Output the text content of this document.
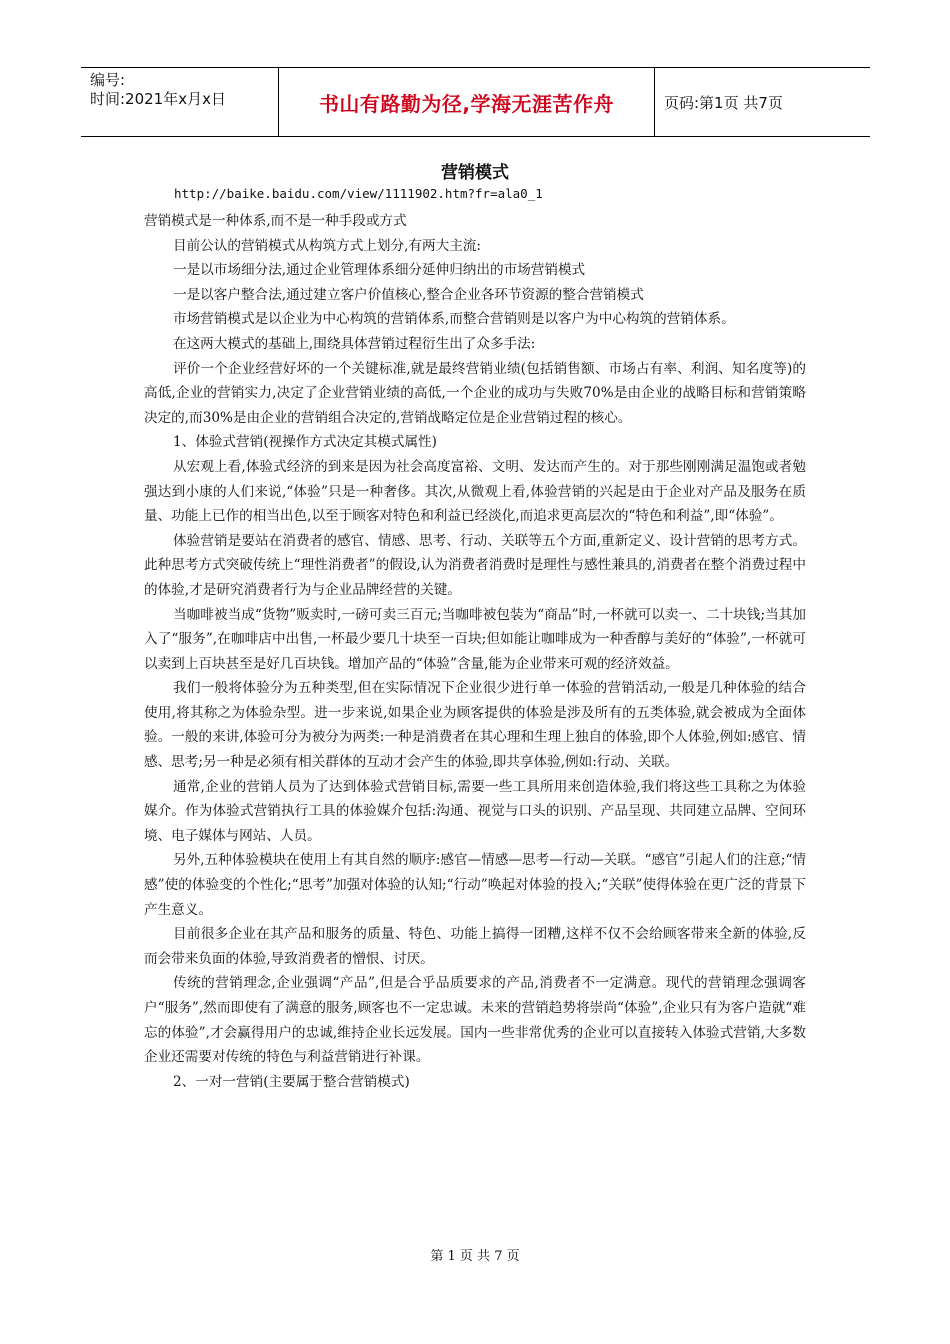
编号:
时间:2021年x月x日	书山有路勤为径,学海无涯苦作舟	页码:第1页 共7页
营销模式
http://baike.baidu.com/view/1111902.htm?fr=ala0_1

营销模式是一种体系,而不是一种手段或方式

目前公认的营销模式从构筑方式上划分,有两大主流:

一是以市场细分法,通过企业管理体系细分延伸归纳出的市场营销模式

一是以客户整合法,通过建立客户价值核心,整合企业各环节资源的整合营销模式

市场营销模式是以企业为中心构筑的营销体系,而整合营销则是以客户为中心构筑的营销体系。

在这两大模式的基础上,围绕具体营销过程衍生出了众多手法:

评价一个企业经营好坏的一个关键标准,就是最终营销业绩(包括销售额、市场占有率、利润、知名度等)的高低,企业的营销实力,决定了企业营销业绩的高低,一个企业的成功与失败70%是由企业的战略目标和营销策略决定的,而30%是由企业的营销组合决定的,营销战略定位是企业营销过程的核心。

1、体验式营销(视操作方式决定其模式属性)

从宏观上看,体验式经济的到来是因为社会高度富裕、文明、发达而产生的。对于那些刚刚满足温饱或者勉强达到小康的人们来说,“体验”只是一种奢侈。其次,从微观上看,体验营销的兴起是由于企业对产品及服务在质量、功能上已作的相当出色,以至于顾客对特色和利益已经淡化,而追求更高层次的“特色和利益”,即“体验”。

体验营销是要站在消费者的感官、情感、思考、行动、关联等五个方面,重新定义、设计营销的思考方式。此种思考方式突破传统上“理性消费者”的假设,认为消费者消费时是理性与感性兼具的,消费者在整个消费过程中的体验,才是研究消费者行为与企业品牌经营的关键。

当咖啡被当成“货物”贩卖时,一磅可卖三百元;当咖啡被包装为“商品”时,一杯就可以卖一、二十块钱;当其加入了“服务”,在咖啡店中出售,一杯最少要几十块至一百块;但如能让咖啡成为一种香醇与美好的“体验”,一杯就可以卖到上百块甚至是好几百块钱。增加产品的“体验”含量,能为企业带来可观的经济效益。

我们一般将体验分为五种类型,但在实际情况下企业很少进行单一体验的营销活动,一般是几种体验的结合使用,将其称之为体验杂型。进一步来说,如果企业为顾客提供的体验是涉及所有的五类体验,就会被成为全面体验。一般的来讲,体验可分为被分为两类:一种是消费者在其心理和生理上独自的体验,即个人体验,例如:感官、情感、思考;另一种是必须有相关群体的互动才会产生的体验,即共享体验,例如:行动、关联。

通常,企业的营销人员为了达到体验式营销目标,需要一些工具所用来创造体验,我们将这些工具称之为体验媒介。作为体验式营销执行工具的体验媒介包括:沟通、视觉与口头的识别、产品呈现、共同建立品牌、空间环境、电子媒体与网站、人员。

另外,五种体验模块在使用上有其自然的顺序:感官—情感—思考—行动—关联。“感官”引起人们的注意;“情感”使的体验变的个性化;“思考”加强对体验的认知;“行动”唤起对体验的投入;“关联”使得体验在更广泛的背景下产生意义。

目前很多企业在其产品和服务的质量、特色、功能上搞得一团糟,这样不仅不会给顾客带来全新的体验,反而会带来负面的体验,导致消费者的憎恨、讨厌。

传统的营销理念,企业强调“产品”,但是合乎品质要求的产品,消费者不一定满意。现代的营销理念强调客户“服务”,然而即使有了满意的服务,顾客也不一定忠诚。未来的营销趋势将崇尚“体验”,企业只有为客户造就“难忘的体验”,才会赢得用户的忠诚,维持企业长远发展。国内一些非常优秀的企业可以直接转入体验式营销,大多数企业还需要对传统的特色与利益营销进行补课。

2、一对一营销(主要属于整合营销模式)

第 1 页 共 7 页
